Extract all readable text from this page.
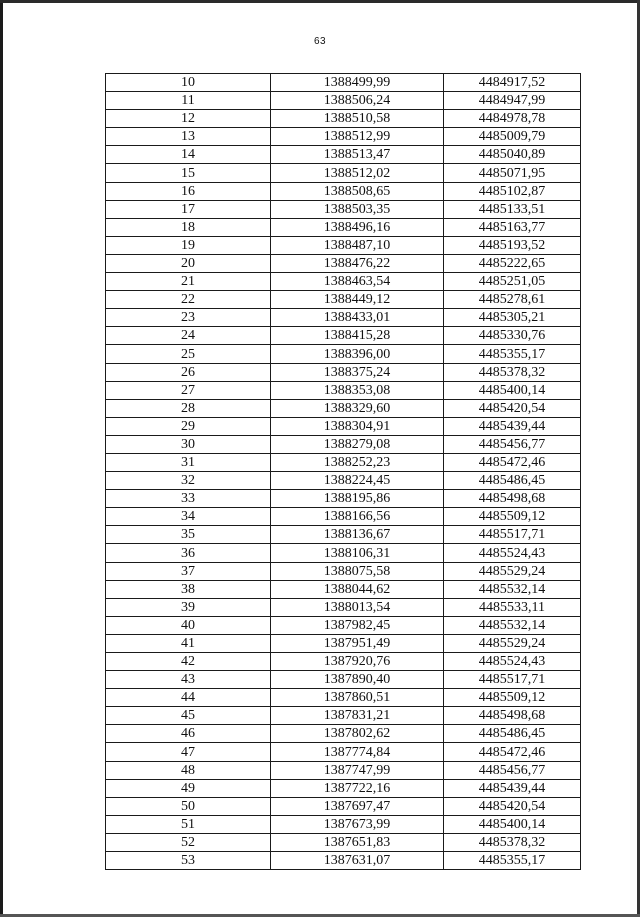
63
10	1388499,99	4484917,52
11	1388506,24	4484947,99
12	1388510,58	4484978,78
13	1388512,99	4485009,79
14	1388513,47	4485040,89
15	1388512,02	4485071,95
16	1388508,65	4485102,87
17	1388503,35	4485133,51
18	1388496,16	4485163,77
19	1388487,10	4485193,52
20	1388476,22	4485222,65
21	1388463,54	4485251,05
22	1388449,12	4485278,61
23	1388433,01	4485305,21
24	1388415,28	4485330,76
25	1388396,00	4485355,17
26	1388375,24	4485378,32
27	1388353,08	4485400,14
28	1388329,60	4485420,54
29	1388304,91	4485439,44
30	1388279,08	4485456,77
31	1388252,23	4485472,46
32	1388224,45	4485486,45
33	1388195,86	4485498,68
34	1388166,56	4485509,12
35	1388136,67	4485517,71
36	1388106,31	4485524,43
37	1388075,58	4485529,24
38	1388044,62	4485532,14
39	1388013,54	4485533,11
40	1387982,45	4485532,14
41	1387951,49	4485529,24
42	1387920,76	4485524,43
43	1387890,40	4485517,71
44	1387860,51	4485509,12
45	1387831,21	4485498,68
46	1387802,62	4485486,45
47	1387774,84	4485472,46
48	1387747,99	4485456,77
49	1387722,16	4485439,44
50	1387697,47	4485420,54
51	1387673,99	4485400,14
52	1387651,83	4485378,32
53	1387631,07	4485355,17
